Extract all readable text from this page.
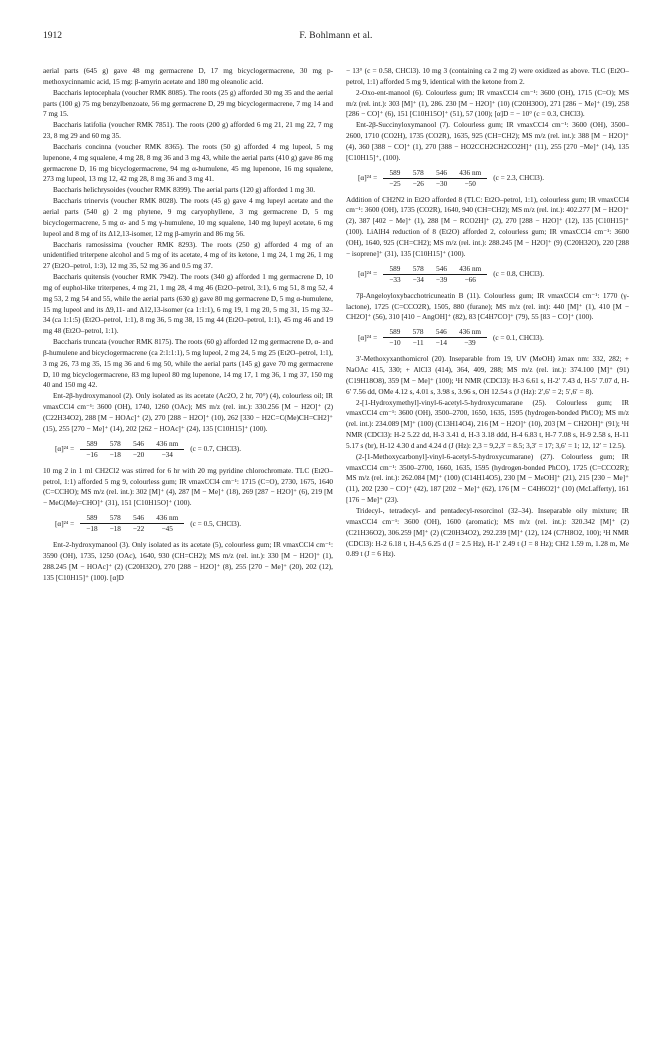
1912	F. Bohlmann et al.

aerial parts (645 g) gave 48 mg germacrene D, 17 mg bicyclogermacrene, 30 mg p-methoxycinnamic acid, 15 mg: β-amyrin acetate and 180 mg oleanolic acid.

Baccharis leptocephala (voucher RMK 8085). The roots (25 g) afforded 30 mg 35 and the aerial parts (100 g) 75 mg benzylbenzoate, 56 mg germacrene D, 29 mg bicyclogermacrene, 7 mg 14 and 7 mg 15.

Baccharis latifolia (voucher RMK 7851). The roots (200 g) afforded 6 mg 21, 21 mg 22, 7 mg 23, 8 mg 29 and 60 mg 35.

Baccharis concinna (voucher RMK 8365). The roots (50 g) afforded 4 mg lupeol, 5 mg lupenone, 4 mg squalene, 4 mg 28, 8 mg 36 and 3 mg 43, while the aerial parts (410 g) gave 86 mg germacrene D, 16 mg bicyclogermacrene, 94 mg α-humulene, 45 mg lupenone, 16 mg squalene, 273 mg lupeol, 13 mg 12, 42 mg 28, 8 mg 36 and 3 mg 41.

Baccharis helichrysoides (voucher RMK 8399). The aerial parts (120 g) afforded 1 mg 30.

Baccharis trinervis (voucher RMK 8028). The roots (45 g) gave 4 mg lupeyl acetate and the aerial parts (540 g) 2 mg phytene, 9 mg caryophyllene, 3 mg germacrene D, 5 mg bicyclogermacrene, 5 mg α- and 5 mg γ-humulene, 10 mg squalene, 140 mg lupeyl acetate, 6 mg lupeol and 8 mg of its Δ12,13-isomer, 12 mg β-amyrin and 86 mg 56.

Baccharis ramosissima (voucher RMK 8293). The roots (250 g) afforded 4 mg of an unidentified triterpene alcohol and 5 mg of its acetate, 4 mg of its ketone, 1 mg 24, 1 mg 26, 1 mg 27 (Et2O–petrol, 1:3), 12 mg 35, 52 mg 36 and 0.5 mg 37.

Baccharis quitensis (voucher RMK 7942). The roots (340 g) afforded 1 mg germacrene D, 10 mg of euphol-like triterpenes, 4 mg 21, 1 mg 28, 4 mg 46 (Et2O–petrol, 3:1), 6 mg 51, 8 mg 52, 4 mg 53, 2 mg 54 and 55, while the aerial parts (630 g) gave 80 mg germacrene D, 5 mg α-humulene, 15 mg lupeol and its Δ9,11- and Δ12,13-isomer (ca 1:1:1), 6 mg 19, 1 mg 20, 5 mg 31, 15 mg 32–34 (ca 1:1:5) (Et2O–petrol, 1:1), 8 mg 36, 5 mg 38, 15 mg 44 (Et2O–petrol, 1:1), 45 mg 46 and 19 mg 48 (Et2O–petrol, 1:1).

Baccharis truncata (voucher RMK 8175). The roots (60 g) afforded 12 mg germacrene D, α- and β-humulene and bicyclogermacrene (ca 2:1:1:1), 5 mg lupeol, 2 mg 24, 5 mg 25 (Et2O–petrol, 1:1), 3 mg 26, 73 mg 35, 15 mg 36 and 6 mg 50, while the aerial parts (145 g) gave 70 mg germacrene D, 10 mg bicyclogermacrene, 83 mg lupeol 80 mg lupenone, 14 mg 17, 1 mg 36, 1 mg 37, 150 mg 40 and 150 mg 42.

Ent-2β-hydroxymanool (2). Only isolated as its acetate (Ac2O, 2 hr, 70°) (4), colourless oil; IR νmaxCCl4 cm⁻¹: 3600 (OH), 1740, 1260 (OAc); MS m/z (rel. int.): 330.256 [M − H2O]⁺ (2) (C22H34O2), 288 [M − HOAc]⁺ (2), 270 [288 − H2O]⁺ (10), 262 [330 − H2C=C(Me)CH=CH2]⁺ (15), 255 [270 − Me]⁺ (14), 202 [262 − HOAc]⁺ (24), 135 [C10H15]⁺ (100).

[α]²⁴ =
589	578	546	436 nm
−16	−18	−20	−34
(c = 0.7, CHCl3).

10 mg 2 in 1 ml CH2Cl2 was stirred for 6 hr with 20 mg pyridine chlorochromate. TLC (Et2O–petrol, 1:1) afforded 5 mg 9, colourless gum; IR νmaxCCl4 cm⁻¹: 1715 (C=O), 2730, 1675, 1640 (C=CCHO); MS m/z (rel. int.): 302 [M]⁺ (4), 287 [M − Me]⁺ (18), 269 [287 − H2O]⁺ (6), 219 [M − MeC(Me)=CHO]⁺ (31), 151 [C10H15O]⁺ (100).

[α]²⁴ =
589	578	546	436 nm
−18	−18	−22	−45
(c = 0.5, CHCl3).

Ent-2-hydroxymanool (3). Only isolated as its acetate (5), colourless gum; IR νmaxCCl4 cm⁻¹: 3590 (OH), 1735, 1250 (OAc), 1640, 930 (CH=CH2); MS m/z (rel. int.): 330 [M − H2O]⁺ (1), 288.245 [M − HOAc]⁺ (2) (C20H32O), 270 [288 − H2O]⁺ (8), 255 [270 − Me]⁺ (20), 202 (12), 135 [C10H15]⁺ (100). [α]D

− 13° (c = 0.58, CHCl3). 10 mg 3 (containing ca 2 mg 2) were oxidized as above. TLC (Et2O–petrol, 1:1) afforded 5 mg 9, identical with the ketone from 2.

2-Oxo-ent-manool (6). Colourless gum; IR νmaxCCl4 cm⁻¹: 3600 (OH), 1715 (C=O); MS m/z (rel. int.): 303 [M]⁺ (1), 286. 230 [M − H2O]⁺ (10) (C20H30O), 271 [286 − Me]⁺ (19), 258 [286 − CO]⁺ (6), 151 [C10H15O]⁺ (51), 57 (100); [α]D = − 10° (c = 0.3, CHCl3).

Ent-2β-Succinyloxymanool (7). Colourless gum; IR νmaxCCl4 cm⁻¹: 3600 (OH), 3500–2600, 1710 (CO2H), 1735 (CO2R), 1635, 925 (CH=CH2); MS m/z (rel. int.): 388 [M − H2O]⁺ (4), 360 [388 − CO]⁺ (1), 270 [388 − HO2CCH2CH2CO2H]⁺ (11), 255 [270 −Me]⁺ (14), 135 [C10H15]⁺, (100).

[α]²⁴ =
589	578	546	436 nm
−25	−26	−30	−50
(c = 2.3, CHCl3).

Addition of CH2N2 in Et2O afforded 8 (TLC: Et2O–petrol, 1:1), colourless gum; IR νmaxCCl4 cm⁻¹: 3600 (OH), 1735 (CO2R), 1640, 940 (CH=CH2); MS m/z (rel. int.): 402.277 [M − H2O]⁺ (2), 387 [402 − Me]⁺ (1), 288 [M − RCO2H]⁺ (2), 270 [288 − H2O]⁺ (12), 135 [C10H15]⁺ (100). LiAlH4 reduction of 8 (Et2O) afforded 2, colourless gum; IR νmaxCCl4 cm⁻¹: 3600 (OH), 1640, 925 (CH=CH2); MS m/z (rel. int.): 288.245 [M − H2O]⁺ (9) (C20H32O), 220 [288 − isoprene]⁺ (31), 135 [C10H15]⁺ (100).

[α]²⁴ =
589	578	546	436 nm
−33	−34	−39	−66
(c = 0.8, CHCl3).

7β-Angeloyloxybacchotricuneatin B (11). Colourless gum; IR νmaxCCl4 cm⁻¹: 1770 (γ-lactone), 1725 (C=CCO2R), 1505, 880 (furane); MS m/z (rel. int): 440 [M]⁺ (1), 410 [M − CH2O]⁺ (56), 310 [410 − AngOH]⁺ (82), 83 [C4H7CO]⁺ (79), 55 [83 − CO]⁺ (100).

[α]²⁴ =
589	578	546	436 nm
−10	−11	−14	−39
(c = 0.1, CHCl3).

3′-Methoxyxanthomicrol (20). Inseparable from 19, UV (MeOH) λmax nm: 332, 282; + NaOAc 415, 330; + AlCl3 (414), 364, 409, 288; MS m/z (rel. int.): 374.100 [M]⁺ (91) (C19H18O8), 359 [M − Me]⁺ (100); ¹H NMR (CDCl3): H-3 6.61 s, H-2′ 7.43 d, H-5′ 7.07 d, H-6′ 7.56 dd, OMe 4.12 s, 4.01 s, 3.98 s, 3.96 s, OH 12.54 s (J (Hz): 2′,6′ = 2; 5′,6′ = 8).

2-[1-Hydroxymethyl]-vinyl-6-acetyl-5-hydroxycumarane (25). Colourless gum; IR νmaxCCl4 cm⁻¹: 3600 (OH), 3500–2700, 1650, 1635, 1595 (hydrogen-bonded PhCO); MS m/z (rel. int.): 234.089 [M]⁺ (100) (C13H14O4), 216 [M − H2O]⁺ (10), 203 [M − CH2OH]⁺ (91); ¹H NMR (CDCl3): H-2 5.22 dd, H-3 3.41 d, H-3 3.18 ddd, H-4 6.83 t, H-7 7.08 s, H-9 2.58 s, H-11 5.17 s (br), H-12 4.30 d and 4.24 d (J (Hz): 2,3 = 9,2,3′ = 8.5; 3,3′ = 17; 3,6′ = 1; 12, 12′ = 12.5).

(2-[1-Methoxycarbonyl]-vinyl-6-acetyl-5-hydroxycumarane) (27). Colourless gum; IR νmaxCCl4 cm⁻¹: 3500–2700, 1660, 1635, 1595 (hydrogen-bonded PhCO), 1725 (C=CCO2R); MS m/z (rel. int.): 262.084 [M]⁺ (100) (C14H14O5), 230 [M − MeOH]⁺ (21), 215 [230 − Me]⁺ (11), 202 [230 − CO]⁺ (42), 187 [202 − Me]⁺ (62), 176 [M − C4H6O2]⁺ (10) (McLafferty), 161 [176 − Me]⁺ (23).

Tridecyl-, tetradecyl- and pentadecyl-resorcinol (32–34). Inseparable oily mixture; IR νmaxCCl4 cm⁻¹: 3600 (OH), 1600 (aromatic); MS m/z (rel. int.): 320.342 [M]⁺ (2) (C21H36O2), 306.259 [M]⁺ (2) (C20H34O2), 292.239 [M]⁺ (12), 124 (C7H8O2, 100); ¹H NMR (CDCl3): H-2 6.18 t, H-4,5 6.25 d (J = 2.5 Hz), H-1′ 2.49 t (J = 8 Hz); CH2 1.59 m, 1.28 m, Me 0.89 t (J = 6 Hz).
